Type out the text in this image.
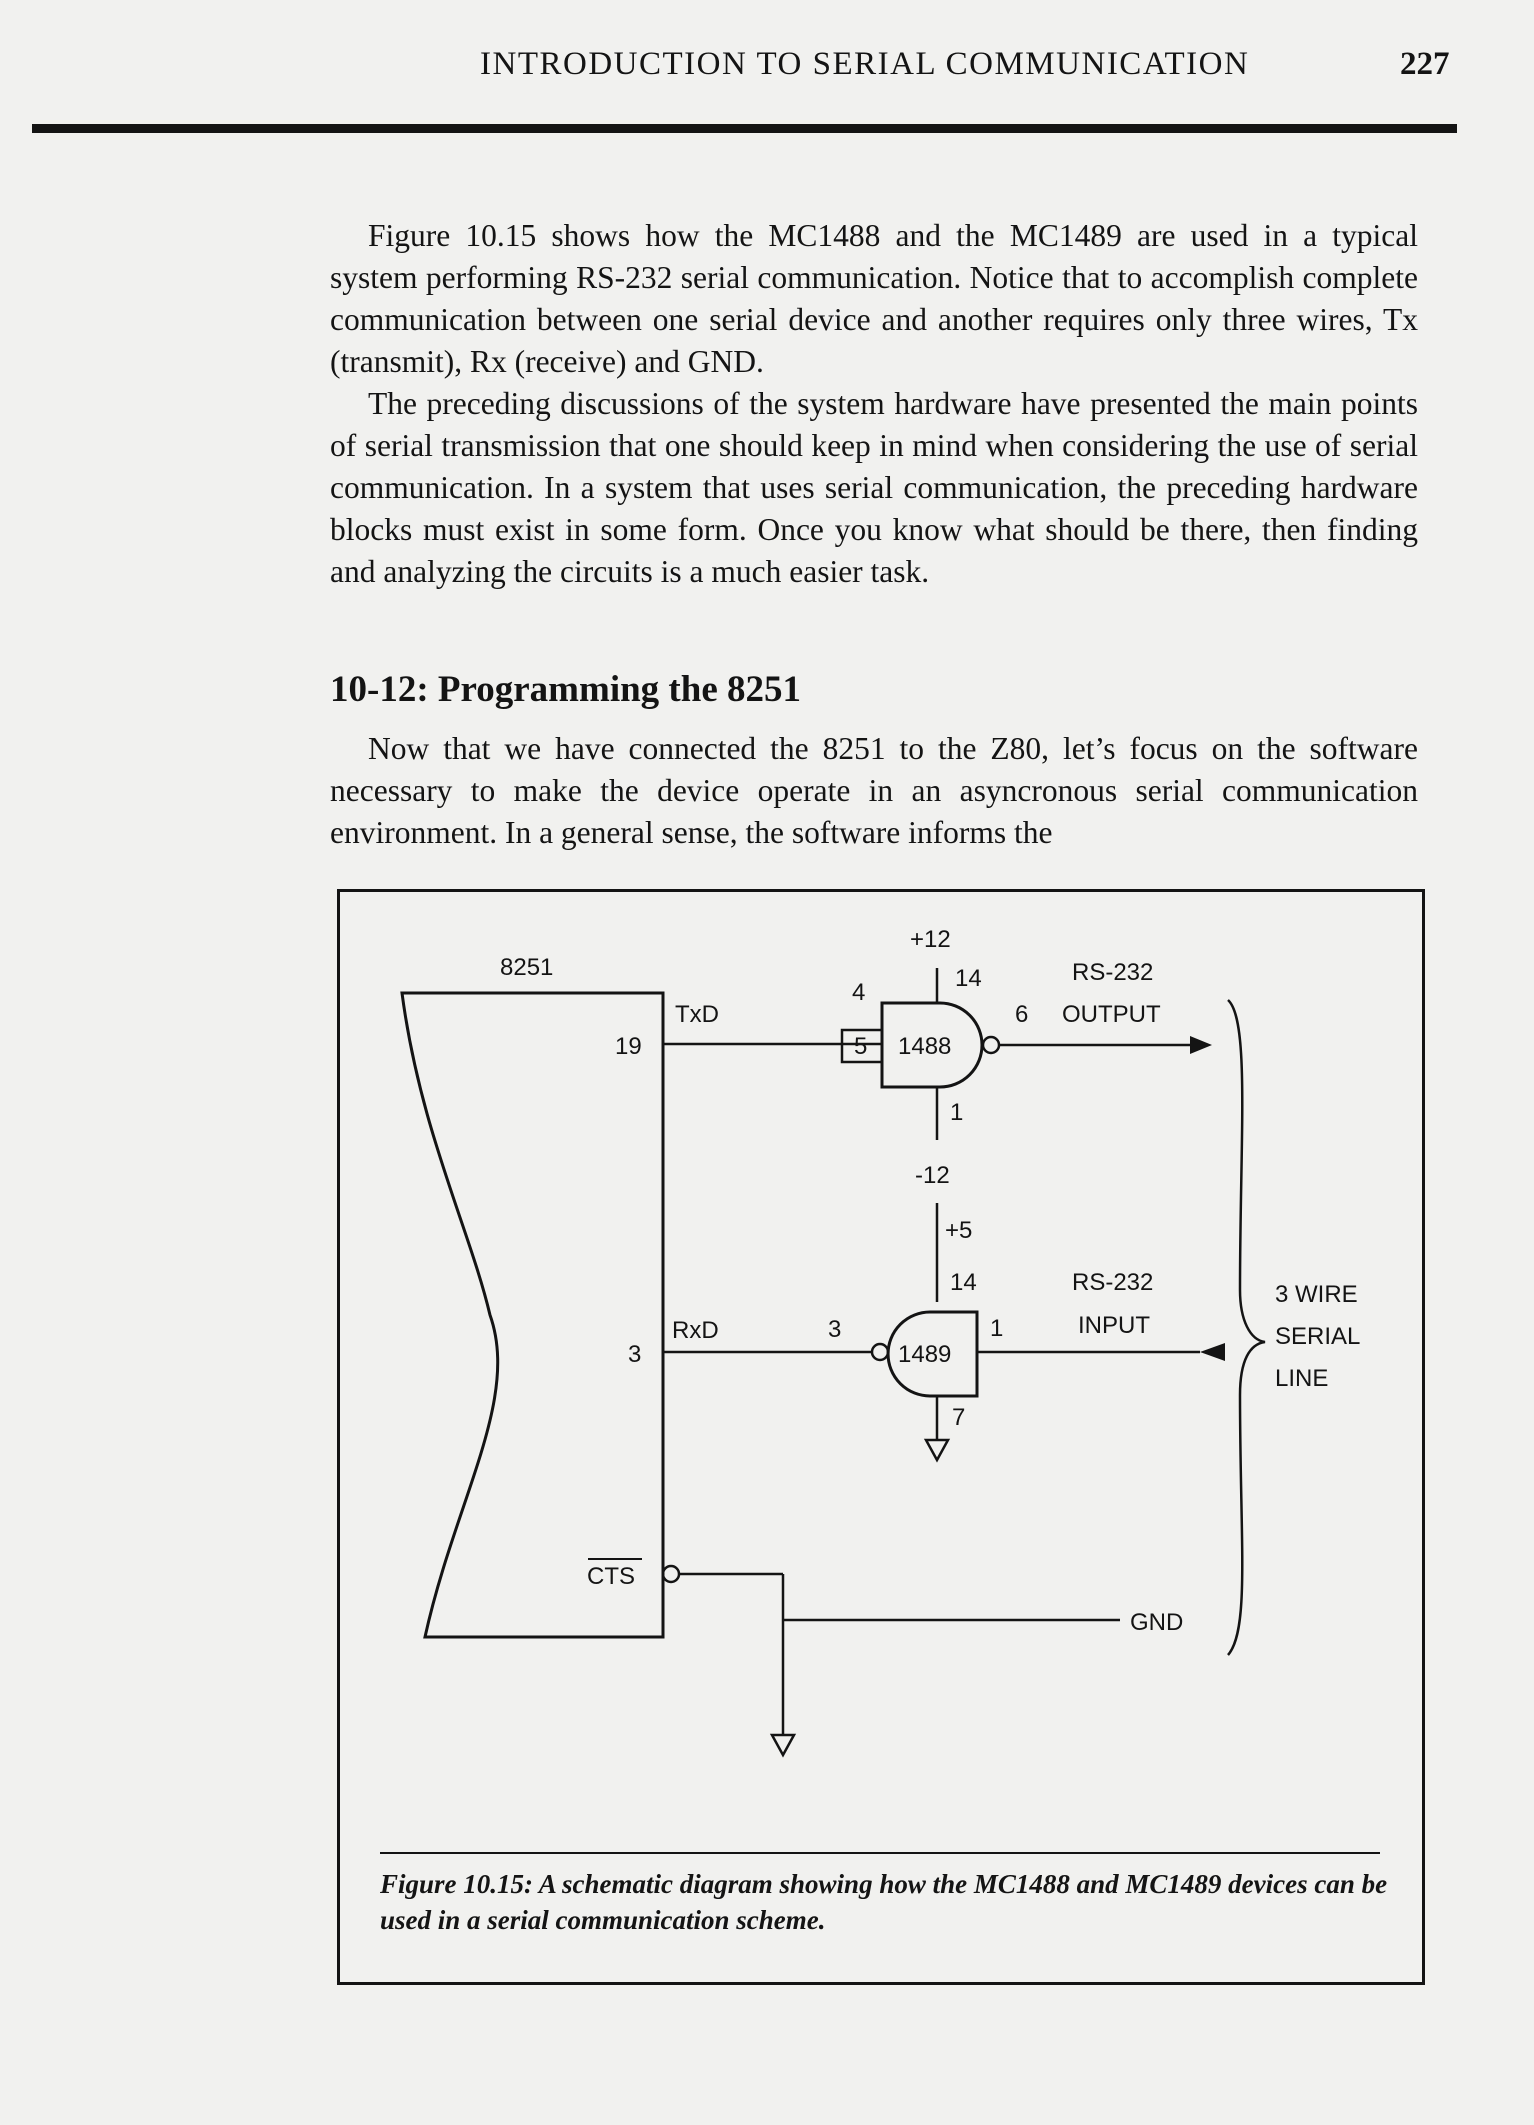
INTRODUCTION TO SERIAL COMMUNICATION	227

Figure 10.15 shows how the MC1488 and the MC1489 are used in a typical system performing RS-232 serial communication. Notice that to accomplish complete communication between one serial device and another requires only three wires, Tx (transmit), Rx (receive) and GND.

The preceding discussions of the system hardware have presented the main points of serial transmission that one should keep in mind when considering the use of serial communication. In a system that uses serial communication, the preceding hardware blocks must exist in some form. Once you know what should be there, then finding and analyzing the circuits is a much easier task.

10-12: Programming the 8251

Now that we have connected the 8251 to the Z80, let’s focus on the software necessary to make the device operate in an asyncronous serial communication environment. In a general sense, the software informs the

8251
TxD
19
RxD
3
CTS
+12
14
4
5 1488
6
1
-12
+5
14
3	1
1489
7
RS-232
OUTPUT
RS-232
INPUT
GND
3 WIRE
SERIAL
LINE
Figure 10.15: A schematic diagram showing how the MC1488 and MC1489 devices can be used in a serial communication scheme.
